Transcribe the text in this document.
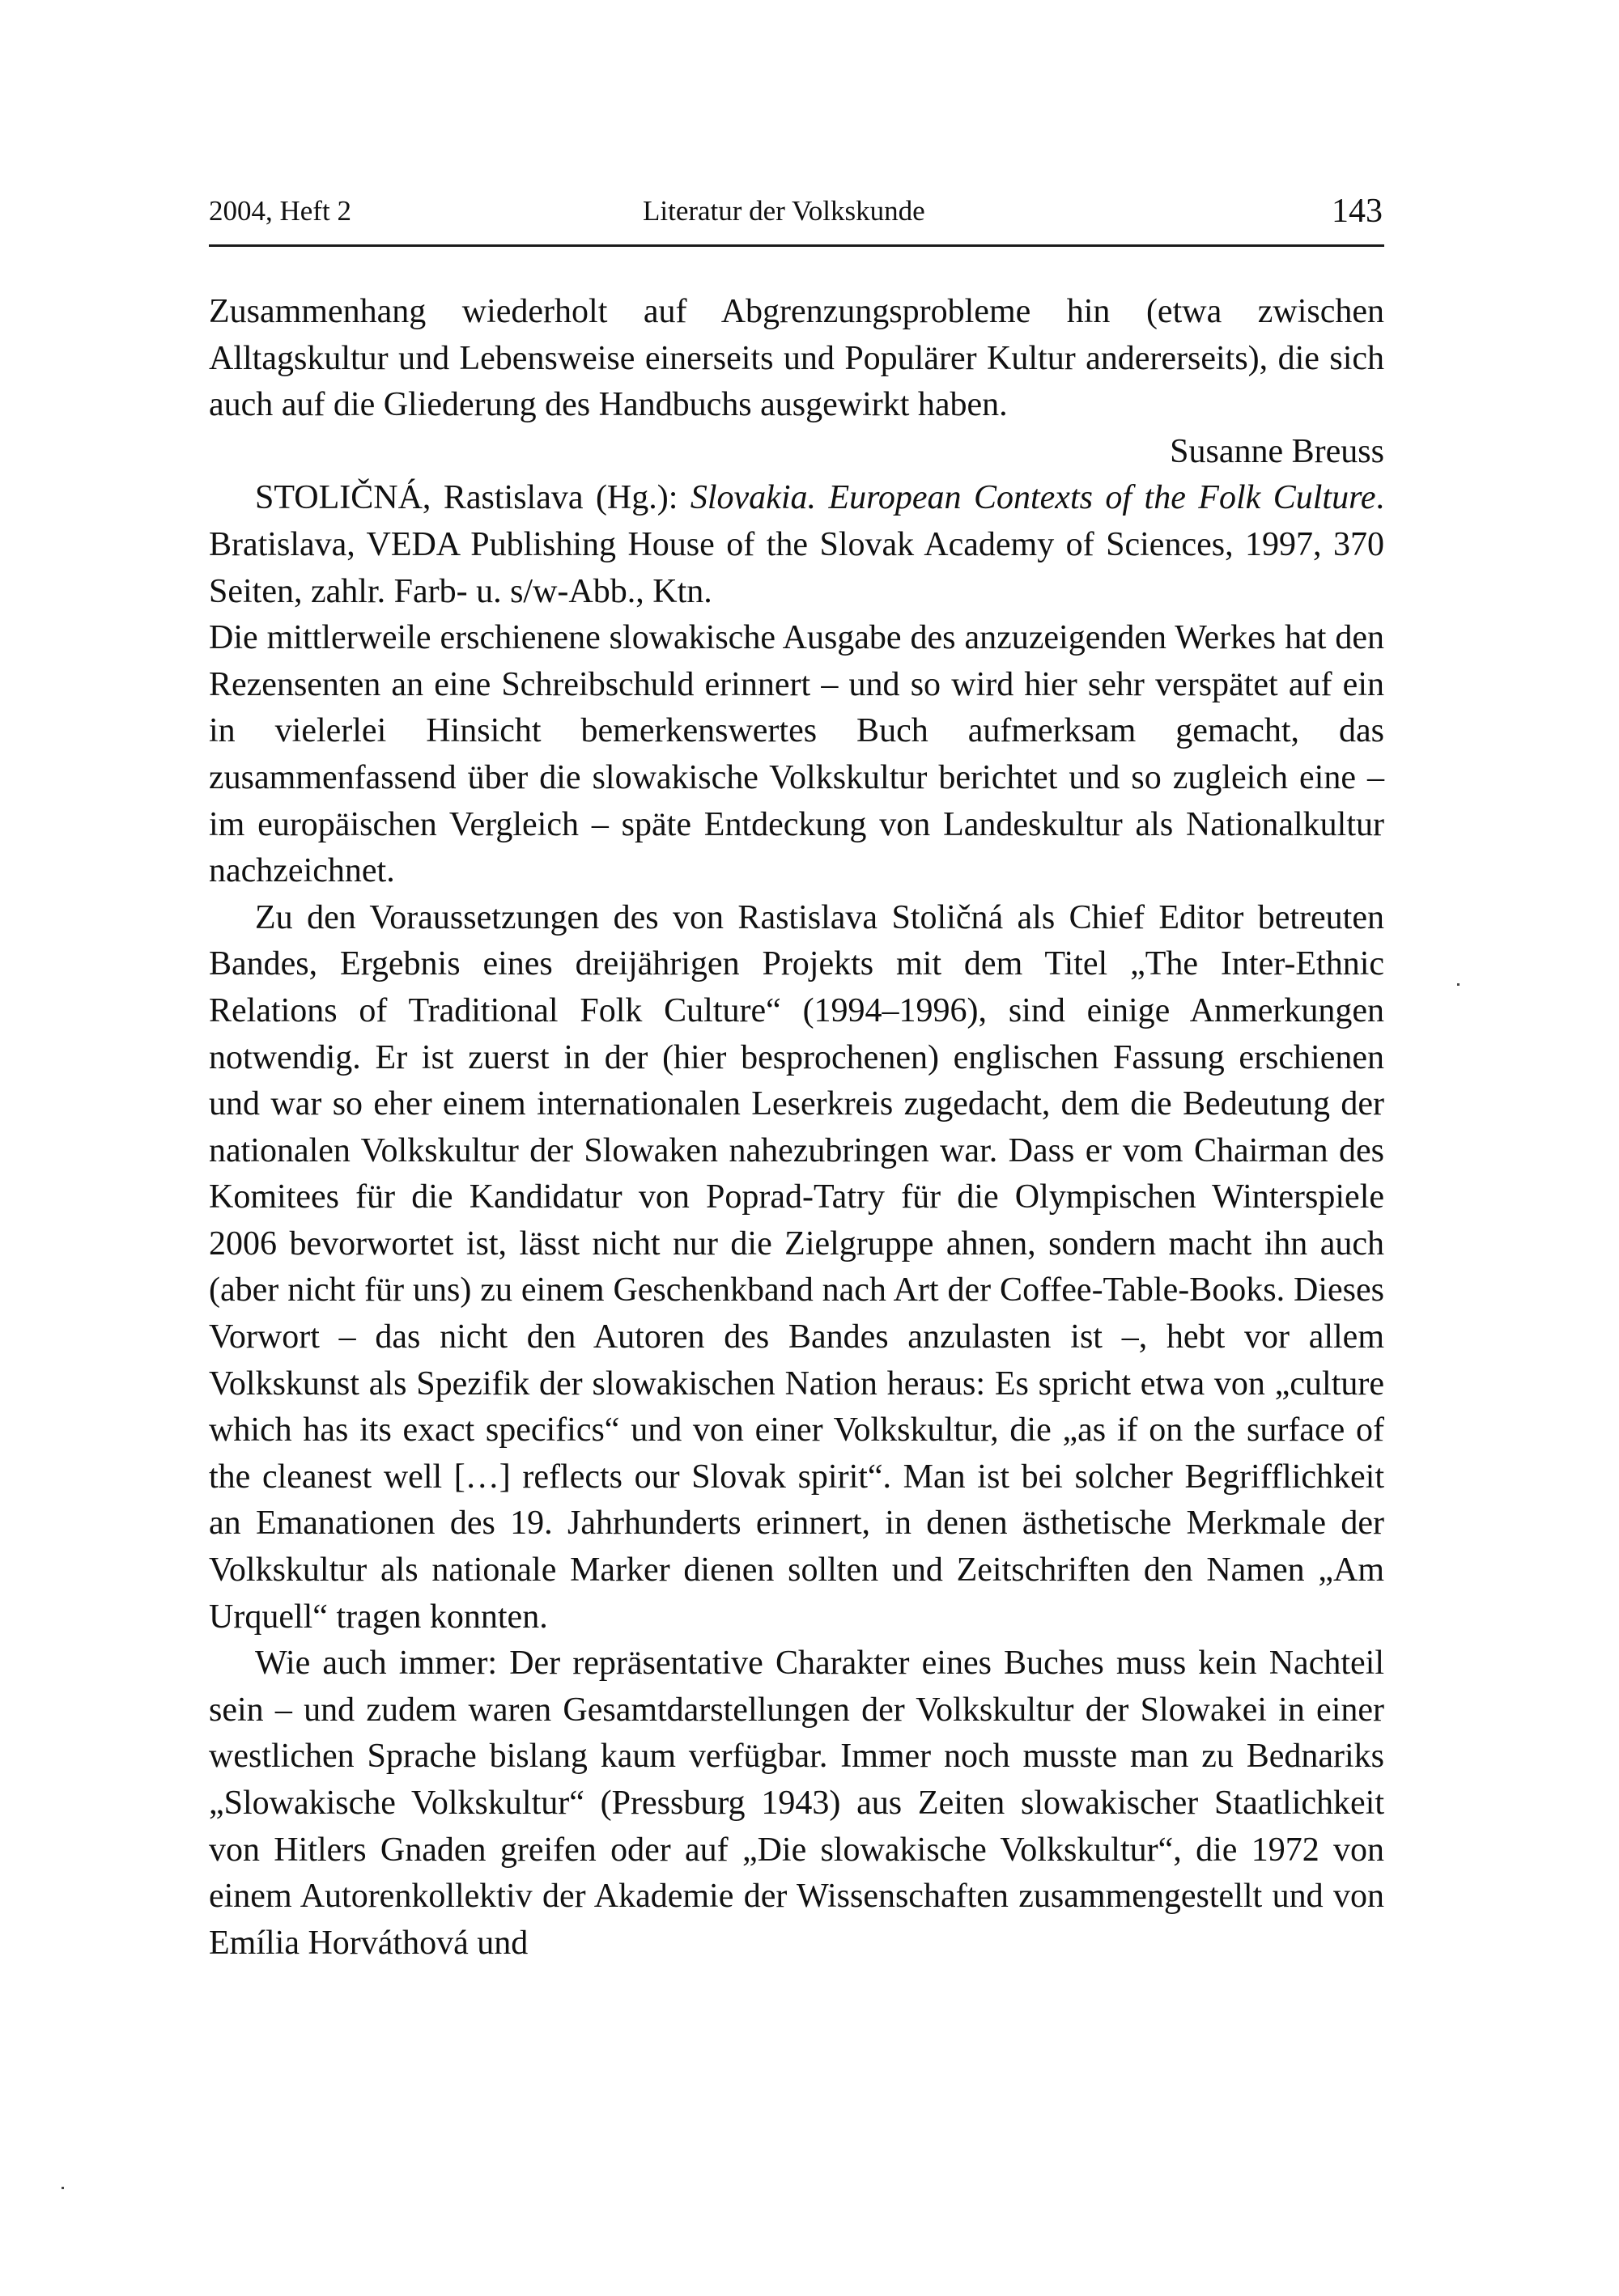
2004, Heft 2	Literatur der Volkskunde	143

Zusammenhang wiederholt auf Abgrenzungsprobleme hin (etwa zwischen Alltagskultur und Lebensweise einerseits und Populärer Kultur andererseits), die sich auch auf die Gliederung des Handbuchs ausgewirkt haben.

Susanne Breuss

STOLIČNÁ, Rastislava (Hg.): Slovakia. European Contexts of the Folk Culture. Bratislava, VEDA Publishing House of the Slovak Academy of Sciences, 1997, 370 Seiten, zahlr. Farb- u. s/w-Abb., Ktn.

Die mittlerweile erschienene slowakische Ausgabe des anzuzeigenden Werkes hat den Rezensenten an eine Schreibschuld erinnert – und so wird hier sehr verspätet auf ein in vielerlei Hinsicht bemerkenswertes Buch aufmerksam gemacht, das zusammenfassend über die slowakische Volkskultur berichtet und so zugleich eine – im europäischen Vergleich – späte Entdeckung von Landeskultur als Nationalkultur nachzeichnet.

Zu den Voraussetzungen des von Rastislava Stoličná als Chief Editor betreuten Bandes, Ergebnis eines dreijährigen Projekts mit dem Titel „The Inter-Ethnic Relations of Traditional Folk Culture“ (1994–1996), sind einige Anmerkungen notwendig. Er ist zuerst in der (hier besprochenen) englischen Fassung erschienen und war so eher einem internationalen Leserkreis zugedacht, dem die Bedeutung der nationalen Volkskultur der Slowaken nahezubringen war. Dass er vom Chairman des Komitees für die Kandidatur von Poprad-Tatry für die Olympischen Winterspiele 2006 bevorwortet ist, lässt nicht nur die Zielgruppe ahnen, sondern macht ihn auch (aber nicht für uns) zu einem Geschenkband nach Art der Coffee-Table-Books. Dieses Vorwort – das nicht den Autoren des Bandes anzulasten ist –, hebt vor allem Volkskunst als Spezifik der slowakischen Nation heraus: Es spricht etwa von „culture which has its exact specifics“ und von einer Volkskultur, die „as if on the surface of the cleanest well […] reflects our Slovak spirit“. Man ist bei solcher Begrifflichkeit an Emanationen des 19. Jahrhunderts erinnert, in denen ästhetische Merkmale der Volkskultur als nationale Marker dienen sollten und Zeitschriften den Namen „Am Urquell“ tragen konnten.

Wie auch immer: Der repräsentative Charakter eines Buches muss kein Nachteil sein – und zudem waren Gesamtdarstellungen der Volkskultur der Slowakei in einer westlichen Sprache bislang kaum verfügbar. Immer noch musste man zu Bednariks „Slowakische Volkskultur“ (Pressburg 1943) aus Zeiten slowakischer Staatlichkeit von Hitlers Gnaden greifen oder auf „Die slowakische Volkskultur“, die 1972 von einem Autorenkollektiv der Akademie der Wissenschaften zusammengestellt und von Emília Horváthová und
